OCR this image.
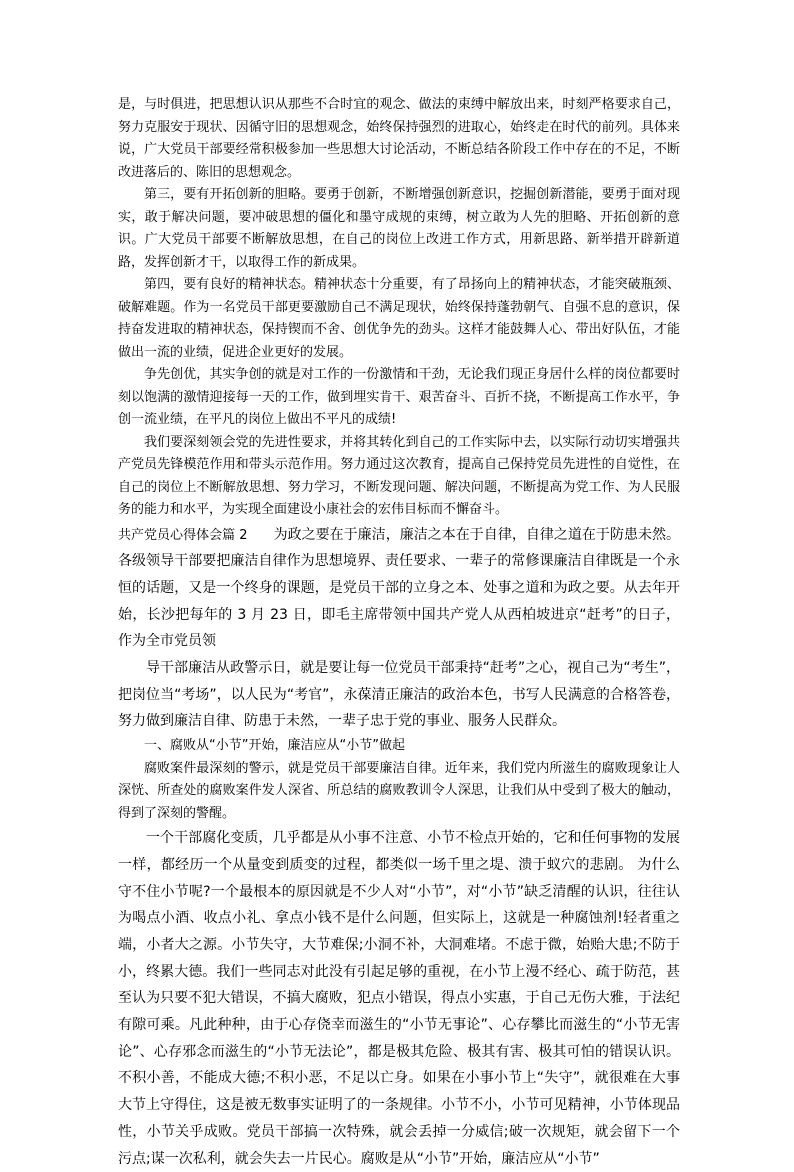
是，与时俱进，把思想认识从那些不合时宜的观念、做法的束缚中解放出来，时刻严格要求自己，努力克服安于现状、因循守旧的思想观念，始终保持强烈的进取心，始终走在时代的前列。具体来说，广大党员干部要经常积极参加一些思想大讨论活动，不断总结各阶段工作中存在的不足，不断改进落后的、陈旧的思想观念。

第三，要有开拓创新的胆略。要勇于创新，不断增强创新意识，挖掘创新潜能，要勇于面对现实，敢于解决问题，要冲破思想的僵化和墨守成规的束缚，树立敢为人先的胆略、开拓创新的意识。广大党员干部要不断解放思想，在自己的岗位上改进工作方式，用新思路、新举措开辟新道路，发挥创新才干，以取得工作的新成果。

第四，要有良好的精神状态。精神状态十分重要，有了昂扬向上的精神状态，才能突破瓶颈、破解难题。作为一名党员干部更要激励自己不满足现状，始终保持蓬勃朝气、自强不息的意识，保持奋发进取的精神状态，保持锲而不舍、创优争先的劲头。这样才能鼓舞人心、带出好队伍，才能做出一流的业绩，促进企业更好的发展。

争先创优，其实争创的就是对工作的一份激情和干劲，无论我们现正身居什么样的岗位都要时刻以饱满的激情迎接每一天的工作，做到埋实肯干、艰苦奋斗、百折不挠，不断提高工作水平，争创一流业绩，在平凡的岗位上做出不平凡的成绩!

我们要深刻领会党的先进性要求，并将其转化到自己的工作实际中去，以实际行动切实增强共产党员先锋模范作用和带头示范作用。努力通过这次教育，提高自己保持党员先进性的自觉性，在自己的岗位上不断解放思想、努力学习，不断发现问题、解决问题，不断提高为党工作、为人民服务的能力和水平，为实现全面建设小康社会的宏伟目标而不懈奋斗。

共产党员心得体会篇 2 为政之要在于廉洁，廉洁之本在于自律，自律之道在于防患未然。各级领导干部要把廉洁自律作为思想境界、责任要求、一辈子的常修课廉洁自律既是一个永恒的话题，又是一个终身的课题，是党员干部的立身之本、处事之道和为政之要。从去年开始，长沙把每年的 3 月 23 日，即毛主席带领中国共产党人从西柏坡进京“赶考”的日子，作为全市党员领

导干部廉洁从政警示日，就是要让每一位党员干部秉持“赶考”之心，视自己为“考生”，把岗位当“考场”，以人民为“考官”，永葆清正廉洁的政治本色，书写人民满意的合格答卷，努力做到廉洁自律、防患于未然，一辈子忠于党的事业、服务人民群众。

一、腐败从“小节”开始，廉洁应从“小节”做起

腐败案件最深刻的警示，就是党员干部要廉洁自律。近年来，我们党内所滋生的腐败现象让人深恍、所查处的腐败案件发人深省、所总结的腐败教训令人深思，让我们从中受到了极大的触动，得到了深刻的警醒。

一个干部腐化变质，几乎都是从小事不注意、小节不检点开始的，它和任何事物的发展一样，都经历一个从量变到质变的过程，都类似一场千里之堤、溃于蚁穴的悲剧。 为什么守不住小节呢?一个最根本的原因就是不少人对“小节”，对“小节”缺乏清醒的认识，往往认为喝点小酒、收点小礼、拿点小钱不是什么问题，但实际上，这就是一种腐蚀剂!轻者重之端，小者大之源。小节失守，大节难保;小洞不补，大洞难堵。不虑于微，始贻大患;不防于小，终累大德。我们一些同志对此没有引起足够的重视，在小节上漫不经心、疏于防范，甚至认为只要不犯大错误，不搞大腐败，犯点小错误，得点小实惠，于自己无伤大雅，于法纪有隙可乘。凡此种种，由于心存侥幸而滋生的“小节无事论”、心存攀比而滋生的“小节无害论”、心存邪念而滋生的“小节无法论”，都是极其危险、极其有害、极其可怕的错误认识。不积小善，不能成大德;不积小恶，不足以亡身。如果在小事小节上“失守”，就很难在大事大节上守得住，这是被无数事实证明了的一条规律。小节不小，小节可见精神，小节体现品性，小节关乎成败。党员干部搞一次特殊，就会丢掉一分威信;破一次规矩，就会留下一个污点;谋一次私利，就会失去一片民心。腐败是从“小节”开始，廉洁应从“小节”
